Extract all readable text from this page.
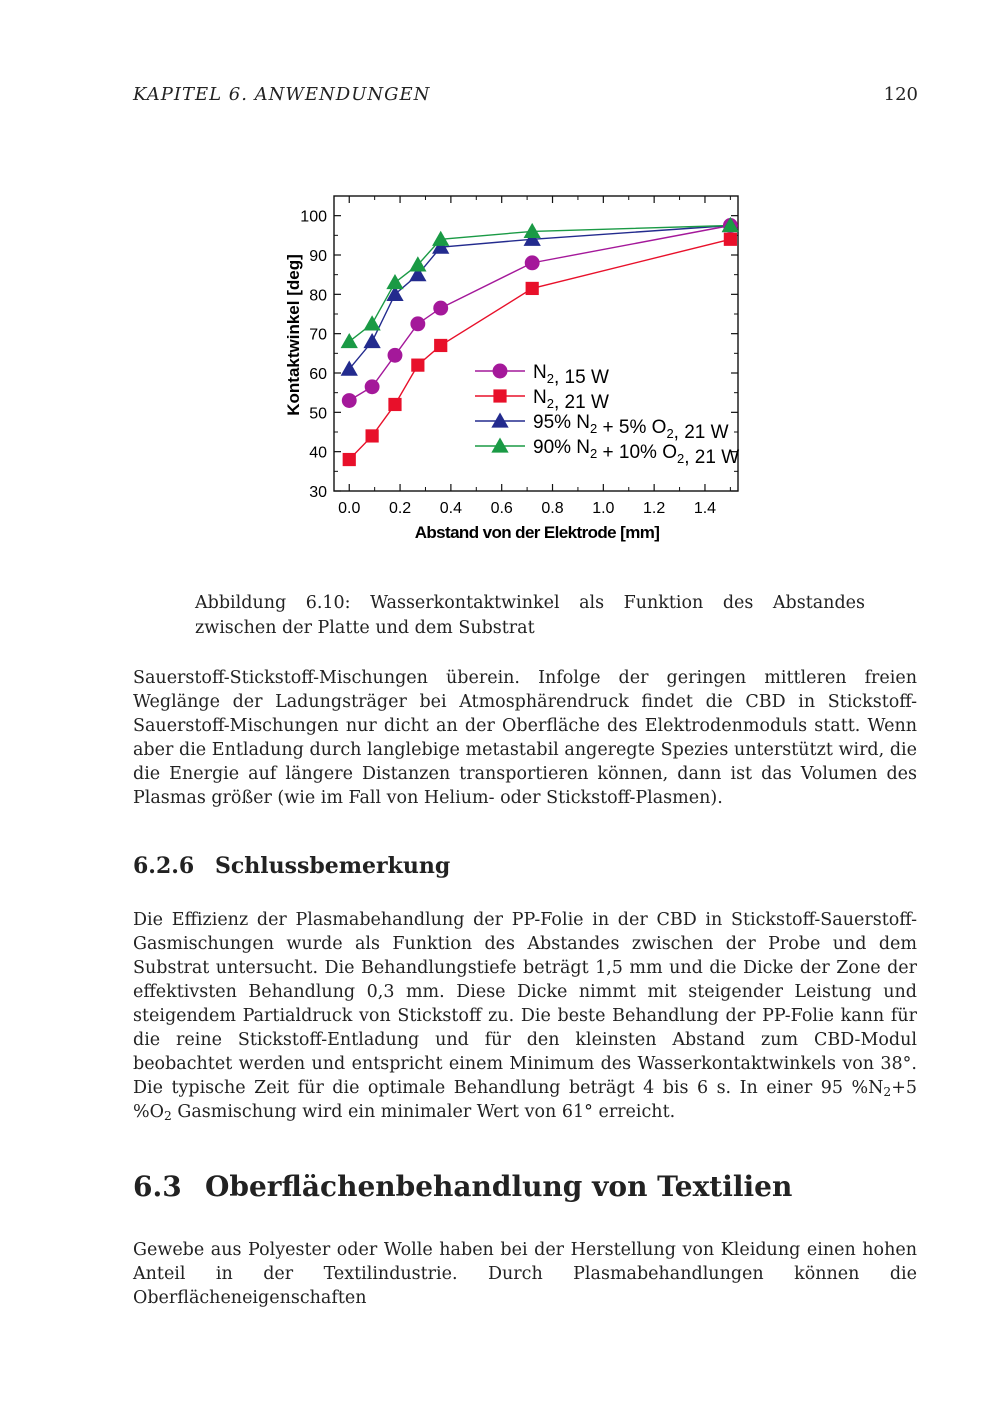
KAPITEL 6. ANWENDUNGEN	120
0.0 0.2 0.4 0.6 0.8 1.0 1.2 1.4
30
40
50
60
70
80
90
100
$N_2$, 15 W
$N_2$, 21 W
95% $N_2 + 5\%$ $O_2$, 21 W
90% $N_2 + 10\%$ $O_2$, 21 W
Abstand von der Elektrode [mm]
Kontaktwinkel [deg]
Abbildung 6.10: Wasserkontaktwinkel als Funktion des Abstandes zwischen der Platte und dem Substrat

Sauerstoff-Stickstoff-Mischungen überein. Infolge der geringen mittleren freien Weglänge der Ladungsträger bei Atmosphärendruck findet die CBD in Stickstoff-Sauerstoff-Mischungen nur dicht an der Oberfläche des Elektrodenmoduls statt. Wenn aber die Entladung durch langlebige metastabil angeregte Spezies unterstützt wird, die die Energie auf längere Distanzen transportieren können, dann ist das Volumen des Plasmas größer (wie im Fall von Helium- oder Stickstoff-Plasmen).

6.2.6 Schlussbemerkung

Die Effizienz der Plasmabehandlung der PP-Folie in der CBD in Stickstoff-Sauerstoff-Gasmischungen wurde als Funktion des Abstandes zwischen der Probe und dem Substrat untersucht. Die Behandlungstiefe beträgt 1,5 mm und die Dicke der Zone der effektivsten Behandlung 0,3 mm. Diese Dicke nimmt mit steigender Leistung und steigendem Partialdruck von Stickstoff zu. Die beste Behandlung der PP-Folie kann für die reine Stickstoff-Entladung und für den kleinsten Abstand zum CBD-Modul beobachtet werden und entspricht einem Minimum des Wasserkontaktwinkels von 38°. Die typische Zeit für die optimale Behandlung beträgt 4 bis 6 s. In einer 95 $\%N_2+5$ $\%O_2$ Gasmischung wird ein minimaler Wert von 61° erreicht.

6.3 Oberflächenbehandlung von Textilien

Gewebe aus Polyester oder Wolle haben bei der Herstellung von Kleidung einen hohen Anteil in der Textilindustrie. Durch Plasmabehandlungen können die Oberflächeneigenschaften
